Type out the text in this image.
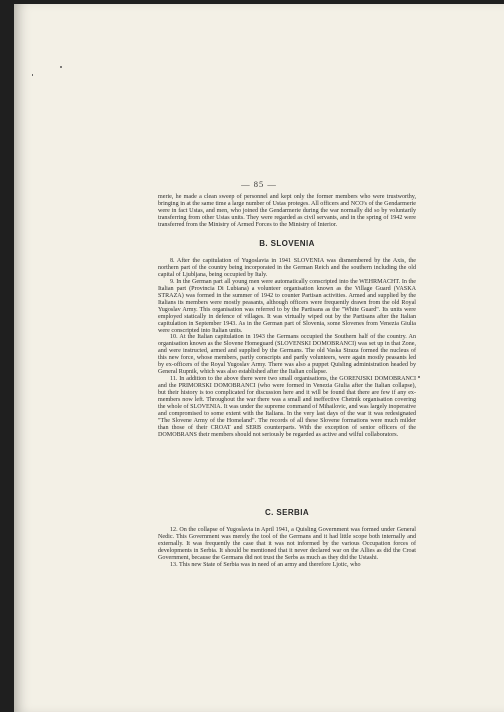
— 85 —

merie, he made a clean sweep of personnel and kept only the former members who were trustworthy, bringing in at the same time a large number of Ustas proteges. All officers and NCO's of the Gendarmerie were in fact Ustas, and men, who joined the Gendarmerie during the war normally did so by voluntarily transferring from other Ustas units. They were regarded as civil servants, and in the spring of 1942 were transferred from the Ministry of Armed Forces to the Ministry of Interior.

B. SLOVENIA

8. After the capitulation of Yugoslavia in 1941 SLOVENIA was dismembered by the Axis, the northern part of the country being incorporated in the German Reich and the southern including the old capital of Ljubljana, being occupied by Italy.

9. In the German part all young men were automatically conscripted into the WEHRMACHT. In the Italian part (Provincia Di Lubiana) a volunteer organisation known as the Village Guard (VASKA STRAZA) was formed in the summer of 1942 to counter Partisan activities. Armed and supplied by the Italians its members were mostly peasants, although officers were frequently drawn from the old Royal Yugoslav Army. This organisation was referred to by the Partisans as the "White Guard". Its units were employed statically in defence of villages. It was virtually wiped out by the Partisans after the Italian capitulation in September 1943. As in the German part of Slovenia, some Slovenes from Venezia Giulia were conscripted into Italian units.

10. At the Italian capitulation in 1943 the Germans occupied the Southern half of the country. An organisation known as the Slovene Homeguard (SLOVENSKI DOMOBRANCI) was set up in that Zone, and were instructed, armed and supplied by the Germans. The old Vaska Straza formed the nucleus of this new force, whose members, partly conscripts and partly volunteers, were again mostly peasants led by ex-officers of the Royal Yugoslav Army. There was also a puppet Quisling administration headed by General Rupnik, which was also established after the Italian collapse.

11. In addition to the above there were two small organisations, the GORENJSKI DOMOBRANCI and the PRIMORSKI DOMOBRANCI (who were formed in Venezia Giulia after the Italian collapse), but their history is too complicated for discussion here and it will be found that there are few if any ex-members now left. Throughout the war there was a small and ineffective Chetnik organisation covering the whole of SLOVENIA. It was under the supreme command of Mihailovic, and was largely inoperative and compromised to some extent with the Italians. In the very last days of the war it was redesignated "The Slovene Army of the Homeland". The records of all these Slovene formations were much milder than those of their CROAT and SERB counterparts. With the exception of senior officers of the DOMOBRANS their members should not seriously be regarded as active and wilful collaborators.

C. SERBIA

12. On the collapse of Yugoslavia in April 1941, a Quisling Government was formed under General Nedic. This Government was merely the tool of the Germans and it had little scope both internally and externally. It was frequently the case that it was not informed by the various Occupation forces of developments in Serbia. It should be mentioned that it never declared war on the Allies as did the Croat Government, because the Germans did not trust the Serbs as much as they did the Ustashi.

13. This new State of Serbia was in need of an army and therefore Ljotic, who
